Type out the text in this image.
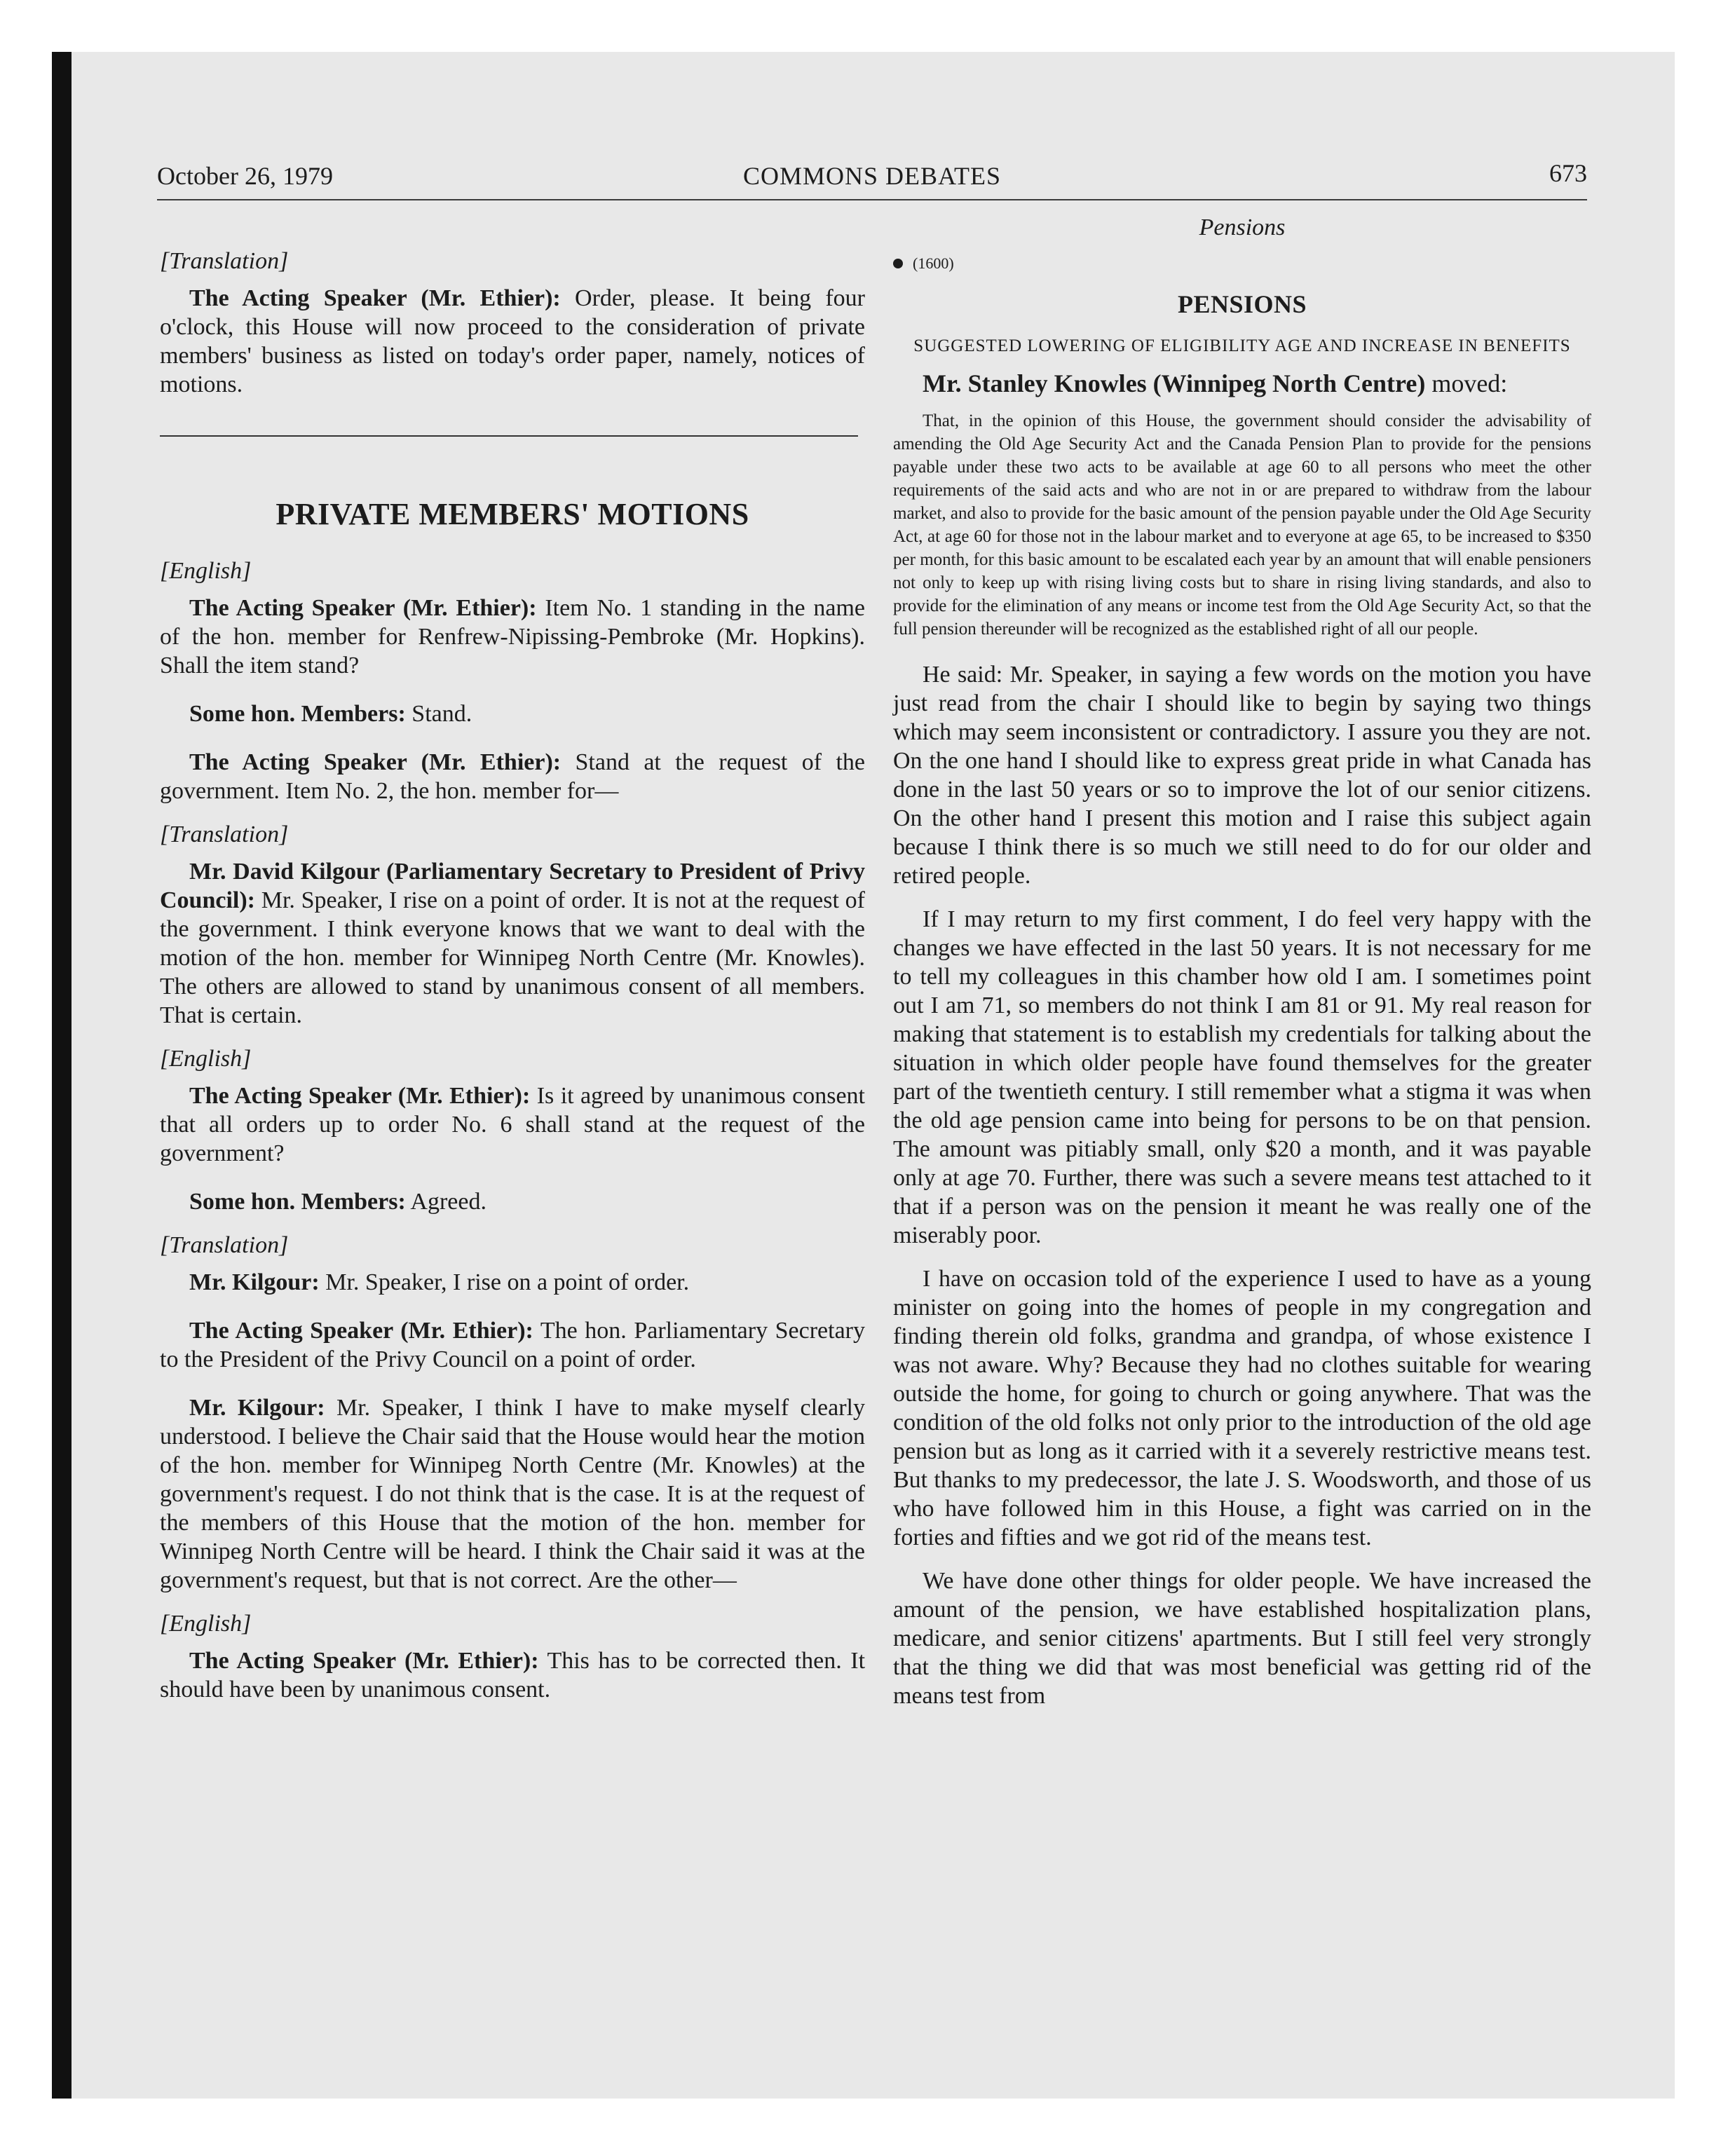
October 26, 1979	COMMONS DEBATES	673

[Translation]

The Acting Speaker (Mr. Ethier): Order, please. It being four o'clock, this House will now proceed to the consideration of private members' business as listed on today's order paper, namely, notices of motions.

PRIVATE MEMBERS' MOTIONS

[English]

The Acting Speaker (Mr. Ethier): Item No. 1 standing in the name of the hon. member for Renfrew-Nipissing-Pembroke (Mr. Hopkins). Shall the item stand?

Some hon. Members: Stand.

The Acting Speaker (Mr. Ethier): Stand at the request of the government. Item No. 2, the hon. member for—

[Translation]

Mr. David Kilgour (Parliamentary Secretary to President of Privy Council): Mr. Speaker, I rise on a point of order. It is not at the request of the government. I think everyone knows that we want to deal with the motion of the hon. member for Winnipeg North Centre (Mr. Knowles). The others are allowed to stand by unanimous consent of all members. That is certain.

[English]

The Acting Speaker (Mr. Ethier): Is it agreed by unanimous consent that all orders up to order No. 6 shall stand at the request of the government?

Some hon. Members: Agreed.

[Translation]

Mr. Kilgour: Mr. Speaker, I rise on a point of order.

The Acting Speaker (Mr. Ethier): The hon. Parliamentary Secretary to the President of the Privy Council on a point of order.

Mr. Kilgour: Mr. Speaker, I think I have to make myself clearly understood. I believe the Chair said that the House would hear the motion of the hon. member for Winnipeg North Centre (Mr. Knowles) at the government's request. I do not think that is the case. It is at the request of the members of this House that the motion of the hon. member for Winnipeg North Centre will be heard. I think the Chair said it was at the government's request, but that is not correct. Are the other—

[English]

The Acting Speaker (Mr. Ethier): This has to be corrected then. It should have been by unanimous consent.

Pensions
(1600)
PENSIONS
SUGGESTED LOWERING OF ELIGIBILITY AGE AND INCREASE IN BENEFITS

Mr. Stanley Knowles (Winnipeg North Centre) moved:

That, in the opinion of this House, the government should consider the advisability of amending the Old Age Security Act and the Canada Pension Plan to provide for the pensions payable under these two acts to be available at age 60 to all persons who meet the other requirements of the said acts and who are not in or are prepared to withdraw from the labour market, and also to provide for the basic amount of the pension payable under the Old Age Security Act, at age 60 for those not in the labour market and to everyone at age 65, to be increased to $350 per month, for this basic amount to be escalated each year by an amount that will enable pensioners not only to keep up with rising living costs but to share in rising living standards, and also to provide for the elimination of any means or income test from the Old Age Security Act, so that the full pension thereunder will be recognized as the established right of all our people.

He said: Mr. Speaker, in saying a few words on the motion you have just read from the chair I should like to begin by saying two things which may seem inconsistent or contradictory. I assure you they are not. On the one hand I should like to express great pride in what Canada has done in the last 50 years or so to improve the lot of our senior citizens. On the other hand I present this motion and I raise this subject again because I think there is so much we still need to do for our older and retired people.

If I may return to my first comment, I do feel very happy with the changes we have effected in the last 50 years. It is not necessary for me to tell my colleagues in this chamber how old I am. I sometimes point out I am 71, so members do not think I am 81 or 91. My real reason for making that statement is to establish my credentials for talking about the situation in which older people have found themselves for the greater part of the twentieth century. I still remember what a stigma it was when the old age pension came into being for persons to be on that pension. The amount was pitiably small, only $20 a month, and it was payable only at age 70. Further, there was such a severe means test attached to it that if a person was on the pension it meant he was really one of the miserably poor.

I have on occasion told of the experience I used to have as a young minister on going into the homes of people in my congregation and finding therein old folks, grandma and grandpa, of whose existence I was not aware. Why? Because they had no clothes suitable for wearing outside the home, for going to church or going anywhere. That was the condition of the old folks not only prior to the introduction of the old age pension but as long as it carried with it a severely restrictive means test. But thanks to my predecessor, the late J. S. Woodsworth, and those of us who have followed him in this House, a fight was carried on in the forties and fifties and we got rid of the means test.

We have done other things for older people. We have increased the amount of the pension, we have established hospitalization plans, medicare, and senior citizens' apartments. But I still feel very strongly that the thing we did that was most beneficial was getting rid of the means test from
